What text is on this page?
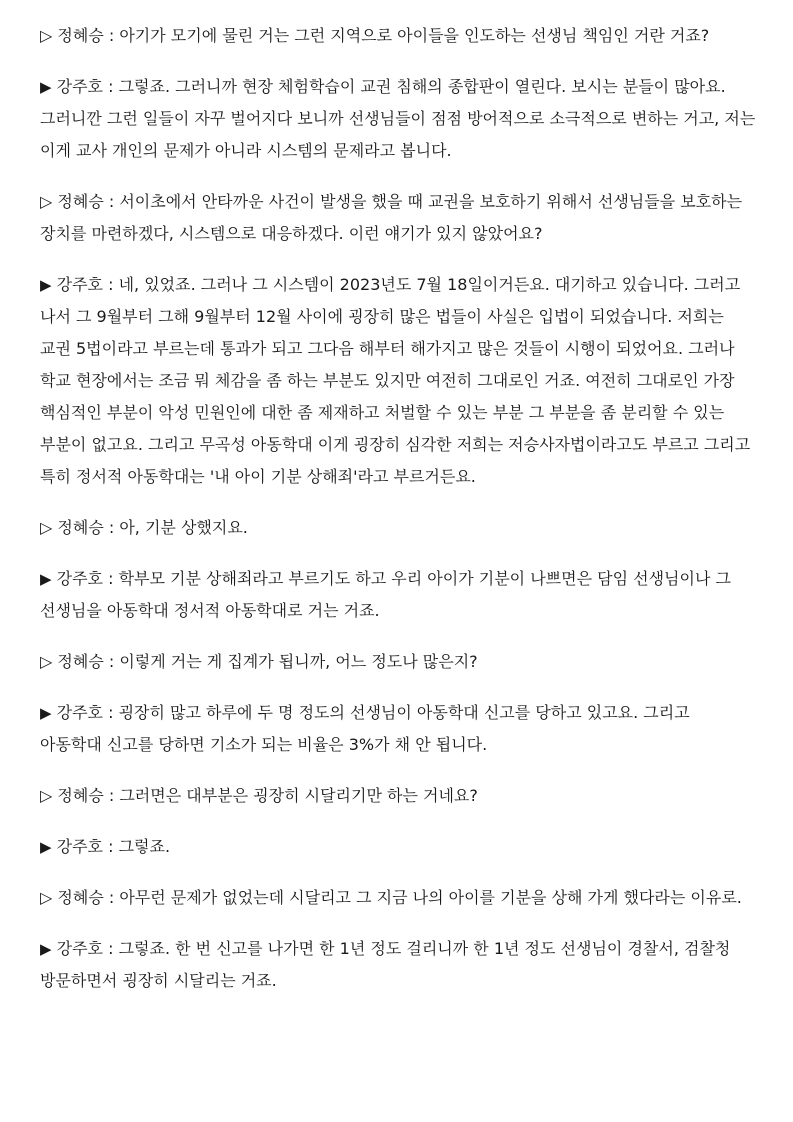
▷ 정혜승 : 아기가 모기에 물린 거는 그런 지역으로 아이들을 인도하는 선생님 책임인 거란 거죠?

▶ 강주호 : 그렇죠. 그러니까 현장 체험학습이 교권 침해의 종합판이 열린다. 보시는 분들이 많아요. 그러니깐 그런 일들이 자꾸 벌어지다 보니까 선생님들이 점점 방어적으로 소극적으로 변하는 거고, 저는 이게 교사 개인의 문제가 아니라 시스템의 문제라고 봅니다.

▷ 정혜승 : 서이초에서 안타까운 사건이 발생을 했을 때 교권을 보호하기 위해서 선생님들을 보호하는 장치를 마련하겠다, 시스템으로 대응하겠다. 이런 얘기가 있지 않았어요?

▶ 강주호 : 네, 있었죠. 그러나 그 시스템이 2023년도 7월 18일이거든요. 대기하고 있습니다. 그러고 나서 그 9월부터 그해 9월부터 12월 사이에 굉장히 많은 법들이 사실은 입법이 되었습니다. 저희는 교권 5법이라고 부르는데 통과가 되고 그다음 해부터 해가지고 많은 것들이 시행이 되었어요. 그러나 학교 현장에서는 조금 뭐 체감을 좀 하는 부분도 있지만 여전히 그대로인 거죠. 여전히 그대로인 가장 핵심적인 부분이 악성 민원인에 대한 좀 제재하고 처벌할 수 있는 부분 그 부분을 좀 분리할 수 있는 부분이 없고요. 그리고 무곡성 아동학대 이게 굉장히 심각한 저희는 저승사자법이라고도 부르고 그리고 특히 정서적 아동학대는 '내 아이 기분 상해죄'라고 부르거든요.

▷ 정혜승 : 아, 기분 상했지요.

▶ 강주호 : 학부모 기분 상해죄라고 부르기도 하고 우리 아이가 기분이 나쁘면은 담임 선생님이나 그 선생님을 아동학대 정서적 아동학대로 거는 거죠.

▷ 정혜승 : 이렇게 거는 게 집계가 됩니까, 어느 정도나 많은지?

▶ 강주호 : 굉장히 많고 하루에 두 명 정도의 선생님이 아동학대 신고를 당하고 있고요. 그리고 아동학대 신고를 당하면 기소가 되는 비율은 3%가 채 안 됩니다.

▷ 정혜승 : 그러면은 대부분은 굉장히 시달리기만 하는 거네요?

▶ 강주호 : 그렇죠.

▷ 정혜승 : 아무런 문제가 없었는데 시달리고 그 지금 나의 아이를 기분을 상해 가게 했다라는 이유로.

▶ 강주호 : 그렇죠. 한 번 신고를 나가면 한 1년 정도 걸리니까 한 1년 정도 선생님이 경찰서, 검찰청 방문하면서 굉장히 시달리는 거죠.
